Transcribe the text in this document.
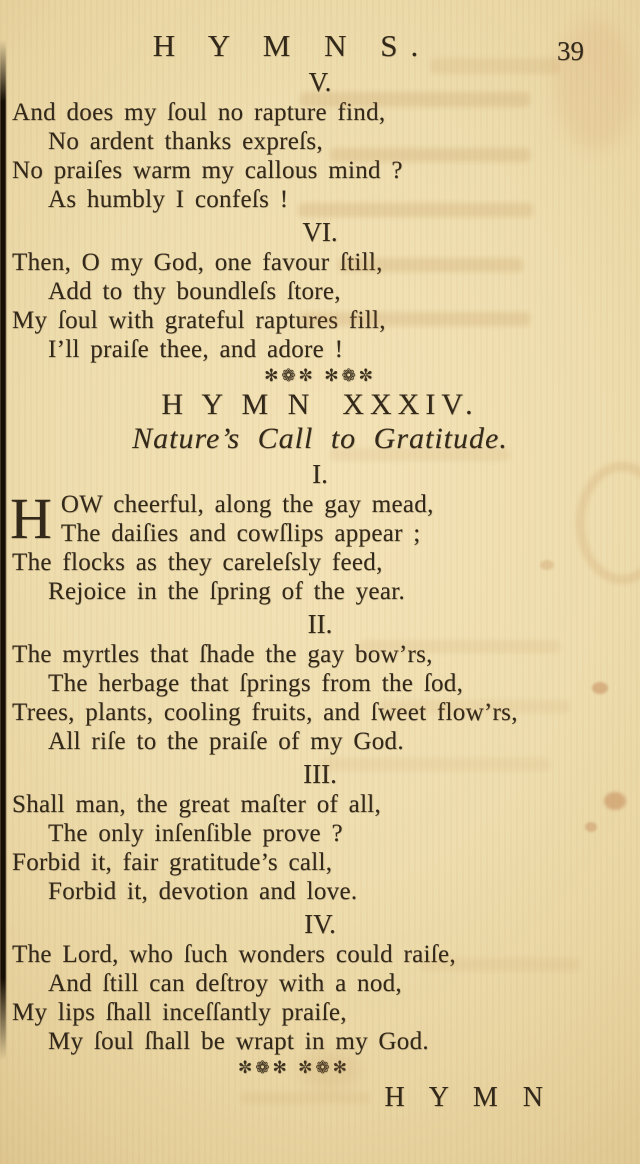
H Y M N S.	39
V.

And does my ſoul no rapture find,

No ardent thanks expreſs,

No praiſes warm my callous mind ?

As humbly I confeſs !

VI.

Then, O my God, one favour ſtill,

Add to thy boundleſs ſtore,

My ſoul with grateful raptures fill,

I’ll praiſe thee, and adore !

✻❁✼ ✻❁✼
H Y M N  XXXIV.
Nature’s Call to Gratitude.
I.
H OW cheerful, along the gay mead,

The daiſies and cowſlips appear ;

The flocks as they careleſsly feed,

Rejoice in the ſpring of the year.

II.

The myrtles that ſhade the gay bow’rs,

The herbage that ſprings from the ſod,

Trees, plants, cooling fruits, and ſweet flow’rs,

All riſe to the praiſe of my God.

III.

Shall man, the great maſter of all,

The only inſenſible prove ?

Forbid it, fair gratitude’s call,

Forbid it, devotion and love.

IV.

The Lord, who ſuch wonders could raiſe,

And ſtill can deſtroy with a nod,

My lips ſhall inceſſantly praiſe,

My ſoul ſhall be wrapt in my God.

✼❁✻ ✼❁✻
H Y M N
